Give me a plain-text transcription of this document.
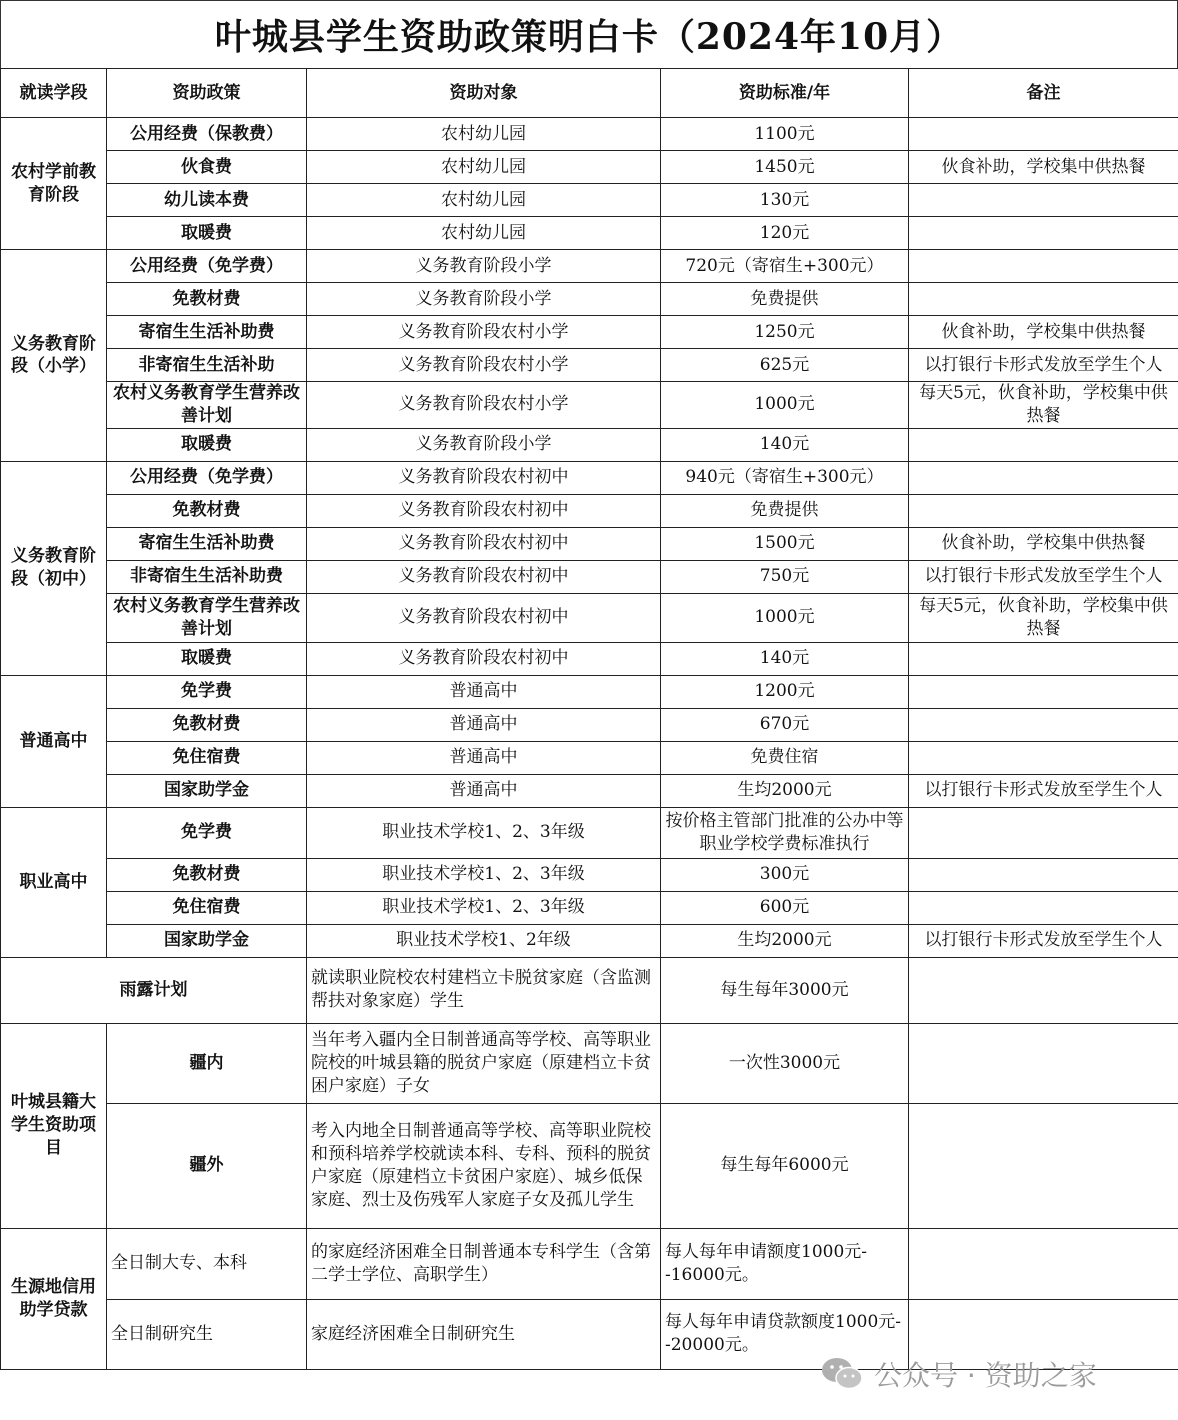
叶城县学生资助政策明白卡（2024年10月）
就读学段	资助政策	资助对象	资助标准/年	备注
农村学前教育阶段	公用经费（保教费）	农村幼儿园	1100元	
	伙食费	农村幼儿园	1450元	伙食补助，学校集中供热餐
	幼儿读本费	农村幼儿园	130元	
	取暖费	农村幼儿园	120元	
义务教育阶段（小学）	公用经费（免学费）	义务教育阶段小学	720元（寄宿生+300元）	
	免教材费	义务教育阶段小学	免费提供	
	寄宿生生活补助费	义务教育阶段农村小学	1250元	伙食补助，学校集中供热餐
	非寄宿生生活补助	义务教育阶段农村小学	625元	以打银行卡形式发放至学生个人
	农村义务教育学生营养改善计划	义务教育阶段农村小学	1000元	每天5元，伙食补助，学校集中供热餐
	取暖费	义务教育阶段小学	140元	
义务教育阶段（初中）	公用经费（免学费）	义务教育阶段农村初中	940元（寄宿生+300元）	
	免教材费	义务教育阶段农村初中	免费提供	
	寄宿生生活补助费	义务教育阶段农村初中	1500元	伙食补助，学校集中供热餐
	非寄宿生生活补助费	义务教育阶段农村初中	750元	以打银行卡形式发放至学生个人
	农村义务教育学生营养改善计划	义务教育阶段农村初中	1000元	每天5元，伙食补助，学校集中供热餐
	取暖费	义务教育阶段农村初中	140元	
普通高中	免学费	普通高中	1200元	
	免教材费	普通高中	670元	
	免住宿费	普通高中	免费住宿	
	国家助学金	普通高中	生均2000元	以打银行卡形式发放至学生个人
职业高中	免学费	职业技术学校1、2、3年级	按价格主管部门批准的公办中等职业学校学费标准执行	
	免教材费	职业技术学校1、2、3年级	300元	
	免住宿费	职业技术学校1、2、3年级	600元	
	国家助学金	职业技术学校1、2年级	生均2000元	以打银行卡形式发放至学生个人
雨露计划		就读职业院校农村建档立卡脱贫家庭（含监测帮扶对象家庭）学生	每生每年3000元	
叶城县籍大学生资助项目	疆内	当年考入疆内全日制普通高等学校、高等职业院校的叶城县籍的脱贫户家庭（原建档立卡贫困户家庭）子女	一次性3000元	
	疆外	考入内地全日制普通高等学校、高等职业院校和预科培养学校就读本科、专科、预科的脱贫户家庭（原建档立卡贫困户家庭）、城乡低保家庭、烈士及伤残军人家庭子女及孤儿学生	每生每年6000元	
生源地信用助学贷款	全日制大专、本科	的家庭经济困难全日制普通本专科学生（含第二学士学位、高职学生）	每人每年申请额度1000元--16000元。	
	全日制研究生	家庭经济困难全日制研究生	每人每年申请贷款额度1000元--20000元。	
公众号 · 资助之家
